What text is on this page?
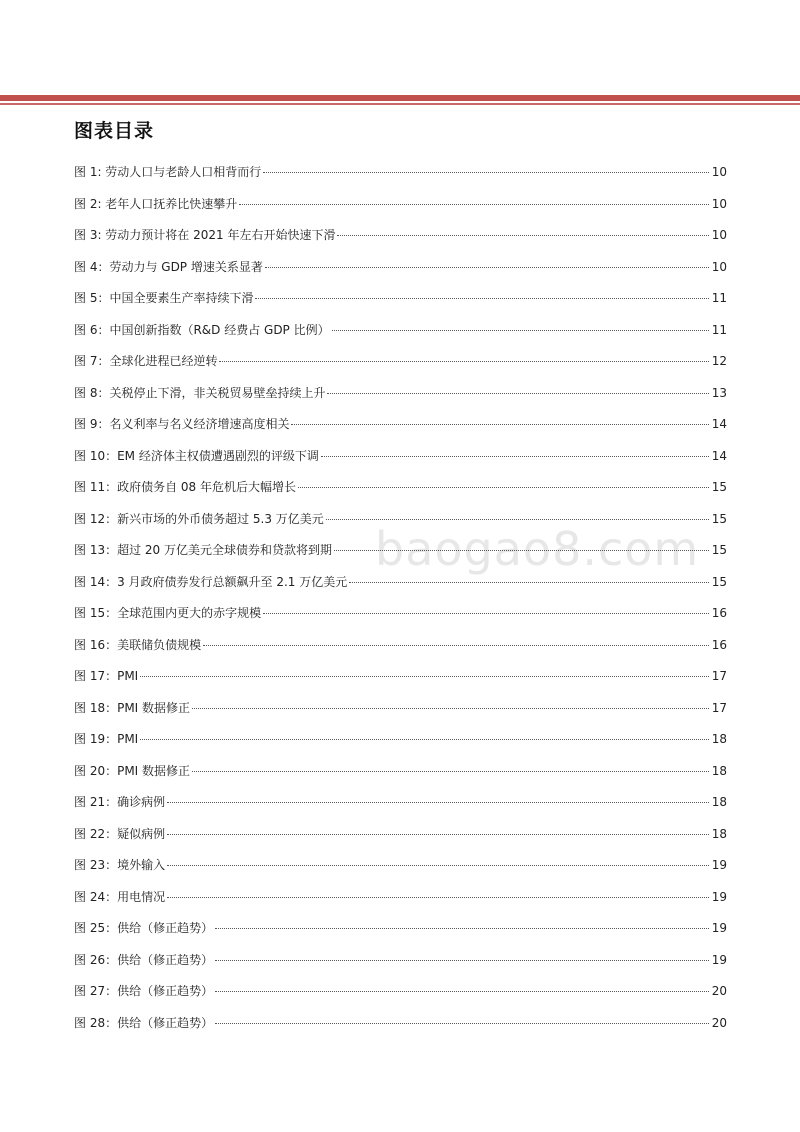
图表目录
baogao8.com
图 1: 劳动人口与老龄人口相背而行	10
图 2: 老年人口抚养比快速攀升	10
图 3: 劳动力预计将在 2021 年左右开始快速下滑	10
图 4：劳动力与 GDP 增速关系显著	10
图 5：中国全要素生产率持续下滑	11
图 6：中国创新指数（R&D 经费占 GDP 比例）	11
图 7：全球化进程已经逆转	12
图 8：关税停止下滑，非关税贸易壁垒持续上升	13
图 9：名义利率与名义经济增速高度相关	14
图 10：EM 经济体主权债遭遇剧烈的评级下调	14
图 11：政府债务自 08 年危机后大幅增长	15
图 12：新兴市场的外币债务超过 5.3 万亿美元	15
图 13：超过 20 万亿美元全球债券和贷款将到期	15
图 14：3 月政府债券发行总额飙升至 2.1 万亿美元	15
图 15：全球范围内更大的赤字规模	16
图 16：美联储负债规模	16
图 17：PMI	17
图 18：PMI 数据修正	17
图 19：PMI	18
图 20：PMI 数据修正	18
图 21：确诊病例	18
图 22：疑似病例	18
图 23：境外输入	19
图 24：用电情况	19
图 25：供给（修正趋势）	19
图 26：供给（修正趋势）	19
图 27：供给（修正趋势）	20
图 28：供给（修正趋势）	20
